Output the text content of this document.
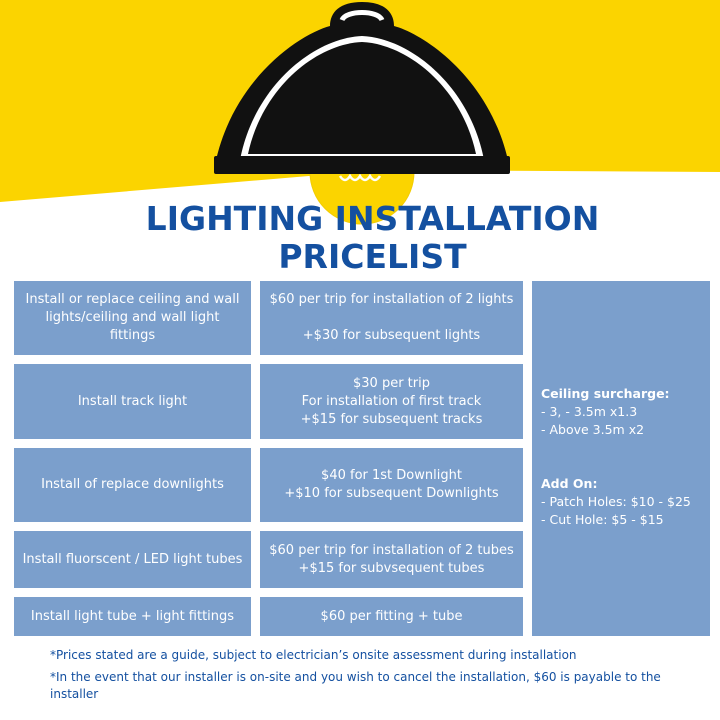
LIGHTING INSTALLATION
PRICELIST
Install or replace ceiling and wall lights/ceiling and wall light fittings
$60 per trip for installation of 2 lights

+$30 for subsequent lights
Install track light
$30 per trip
For installation of first track
+$15 for subsequent tracks
Install of replace downlights
$40 for 1st Downlight
+$10 for subsequent Downlights
Install fluorscent / LED light tubes
$60 per trip for installation of 2 tubes
+$15 for subvsequent tubes
Install light tube + light fittings	$60 per fitting + tube
Ceiling surcharge:
- 3, - 3.5m x1.3
- Above 3.5m x2
Add On:
- Patch Holes: $10 - $25
- Cut Hole: $5 - $15
*Prices stated are a guide, subject to electrician’s onsite assessment during installation
*In the event that our installer is on-site and you wish to cancel the installation, $60 is payable to the installer
